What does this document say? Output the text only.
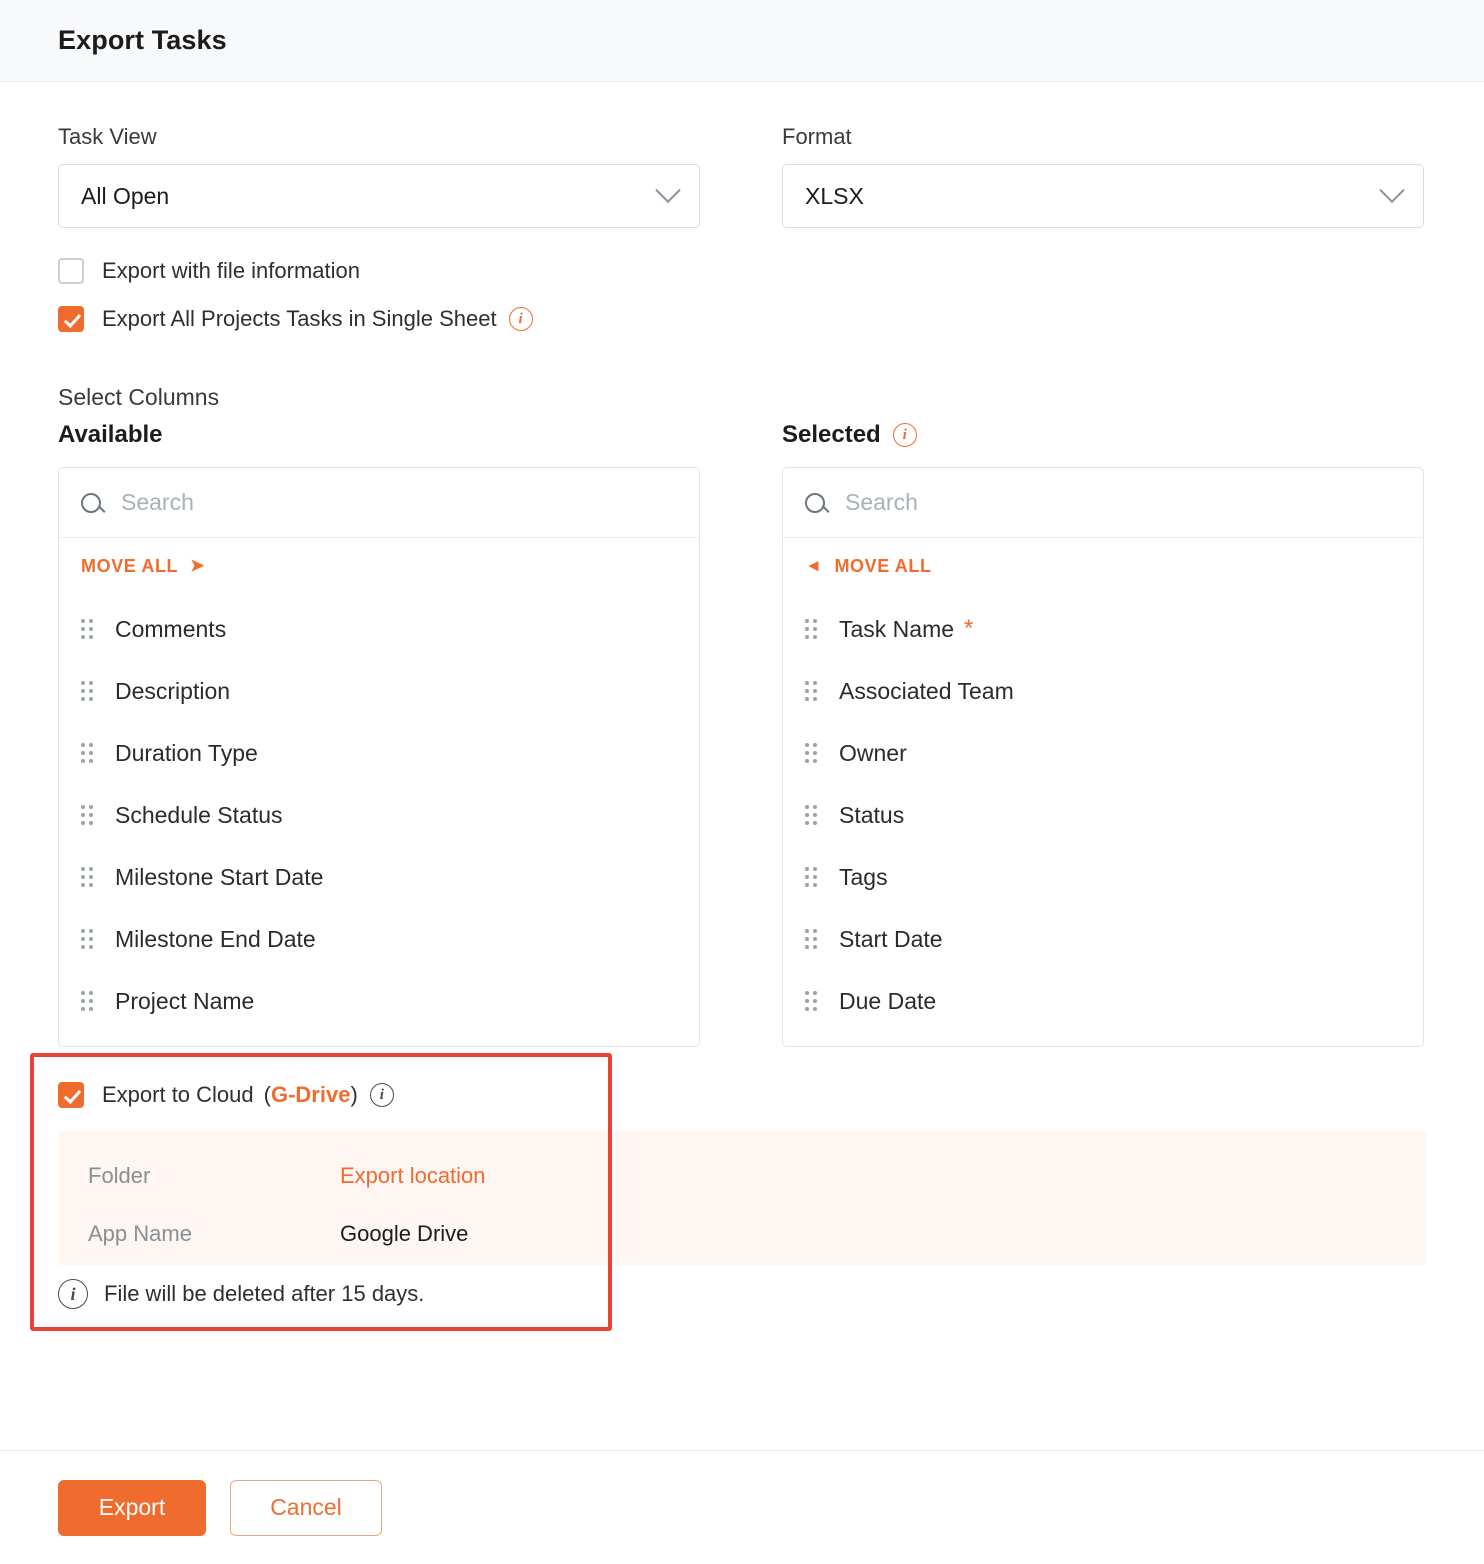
Export Tasks
Task View
All Open
Format
XLSX
Export with file information
Export All Projects Tasks in Single Sheet	i
Select Columns
Available
Search
MOVE ALL ➤
Comments
Description
Duration Type
Schedule Status
Milestone Start Date
Milestone End Date
Project Name
Selected	i
Search
◄ MOVE ALL
Task Name *
Associated Team
Owner
Status
Tags
Start Date
Due Date
Export to Cloud ( G-Drive )	i
Folder	Export location
App Name	Google Drive
i	File will be deleted after 15 days.
Export	Cancel
